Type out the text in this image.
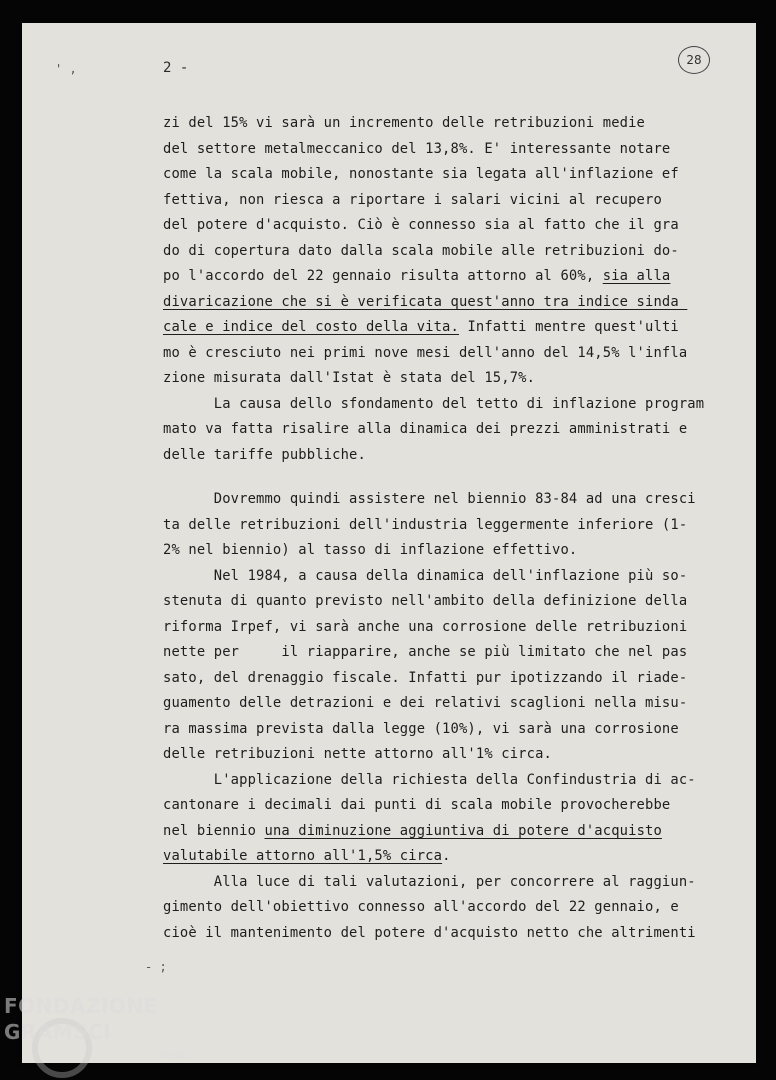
2 -	28
' ,
- ;

zi del 15% vi sarà un incremento delle retribuzioni medie
del settore metalmeccanico del 13,8%. E' interessante notare
come la scala mobile, nonostante sia legata all'inflazione ef
fettiva, non riesca a riportare i salari vicini al recupero
del potere d'acquisto. Ciò è connesso sia al fatto che il gra
do di copertura dato dalla scala mobile alle retribuzioni do-
po l'accordo del 22 gennaio risulta attorno al 60%, sia alla
divaricazione che si è verificata quest'anno tra indice sinda_
cale e indice del costo della vita. Infatti mentre quest'ulti
mo è cresciuto nei primi nove mesi dell'anno del 14,5% l'infla
zione misurata dall'Istat è stata del 15,7%.
La causa dello sfondamento del tetto di inflazione program
mato va fatta risalire alla dinamica dei prezzi amministrati e
delle tariffe pubbliche.

Dovremmo quindi assistere nel biennio 83-84 ad una cresci
ta delle retribuzioni dell'industria leggermente inferiore (1-
2% nel biennio) al tasso di inflazione effettivo.
Nel 1984, a causa della dinamica dell'inflazione più so-
stenuta di quanto previsto nell'ambito della definizione della
riforma Irpef, vi sarà anche una corrosione delle retribuzioni
nette per     il riapparire, anche se più limitato che nel pas
sato, del drenaggio fiscale. Infatti pur ipotizzando il riade-
guamento delle detrazioni e dei relativi scaglioni nella misu-
ra massima prevista dalla legge (10%), vi sarà una corrosione
delle retribuzioni nette attorno all'1% circa.
L'applicazione della richiesta della Confindustria di ac-
cantonare i decimali dai punti di scala mobile provocherebbe
nel biennio una diminuzione aggiuntiva di potere d'acquisto
valutabile attorno all'1,5% circa.
Alla luce di tali valutazioni, per concorrere al raggiun-
gimento dell'obiettivo connesso all'accordo del 22 gennaio, e
cioè il mantenimento del potere d'acquisto netto che altrimenti

FONDAZIONE
GRAMSCI
onlus
